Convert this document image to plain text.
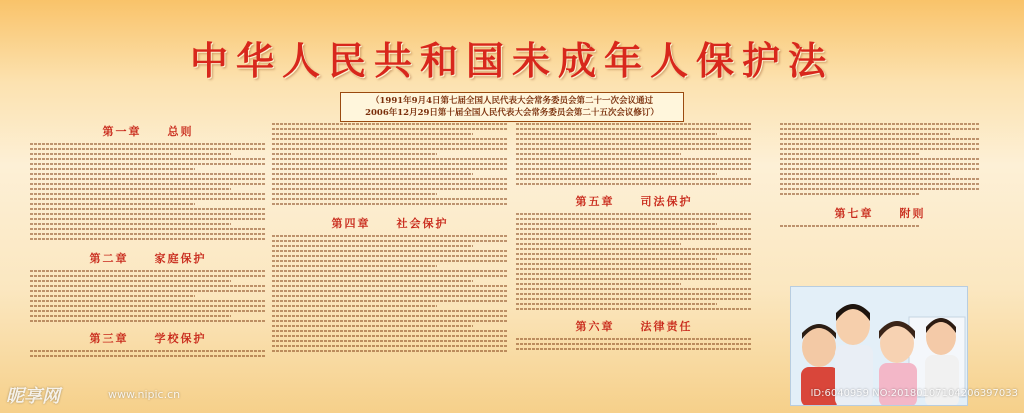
中华人民共和国未成年人保护法
（1991年9月4日第七届全国人民代表大会常务委员会第二十一次会议通过
2006年12月29日第十届全国人民代表大会常务委员会第二十五次会议修订）
第一章　　总则
第二章　　家庭保护
第三章　　学校保护
第四章　　社会保护
第五章　　司法保护
第六章　　法律责任
第七章　　附则
昵享网	www.nipic.cn	ID:6040959 NO:20180107104206397033
